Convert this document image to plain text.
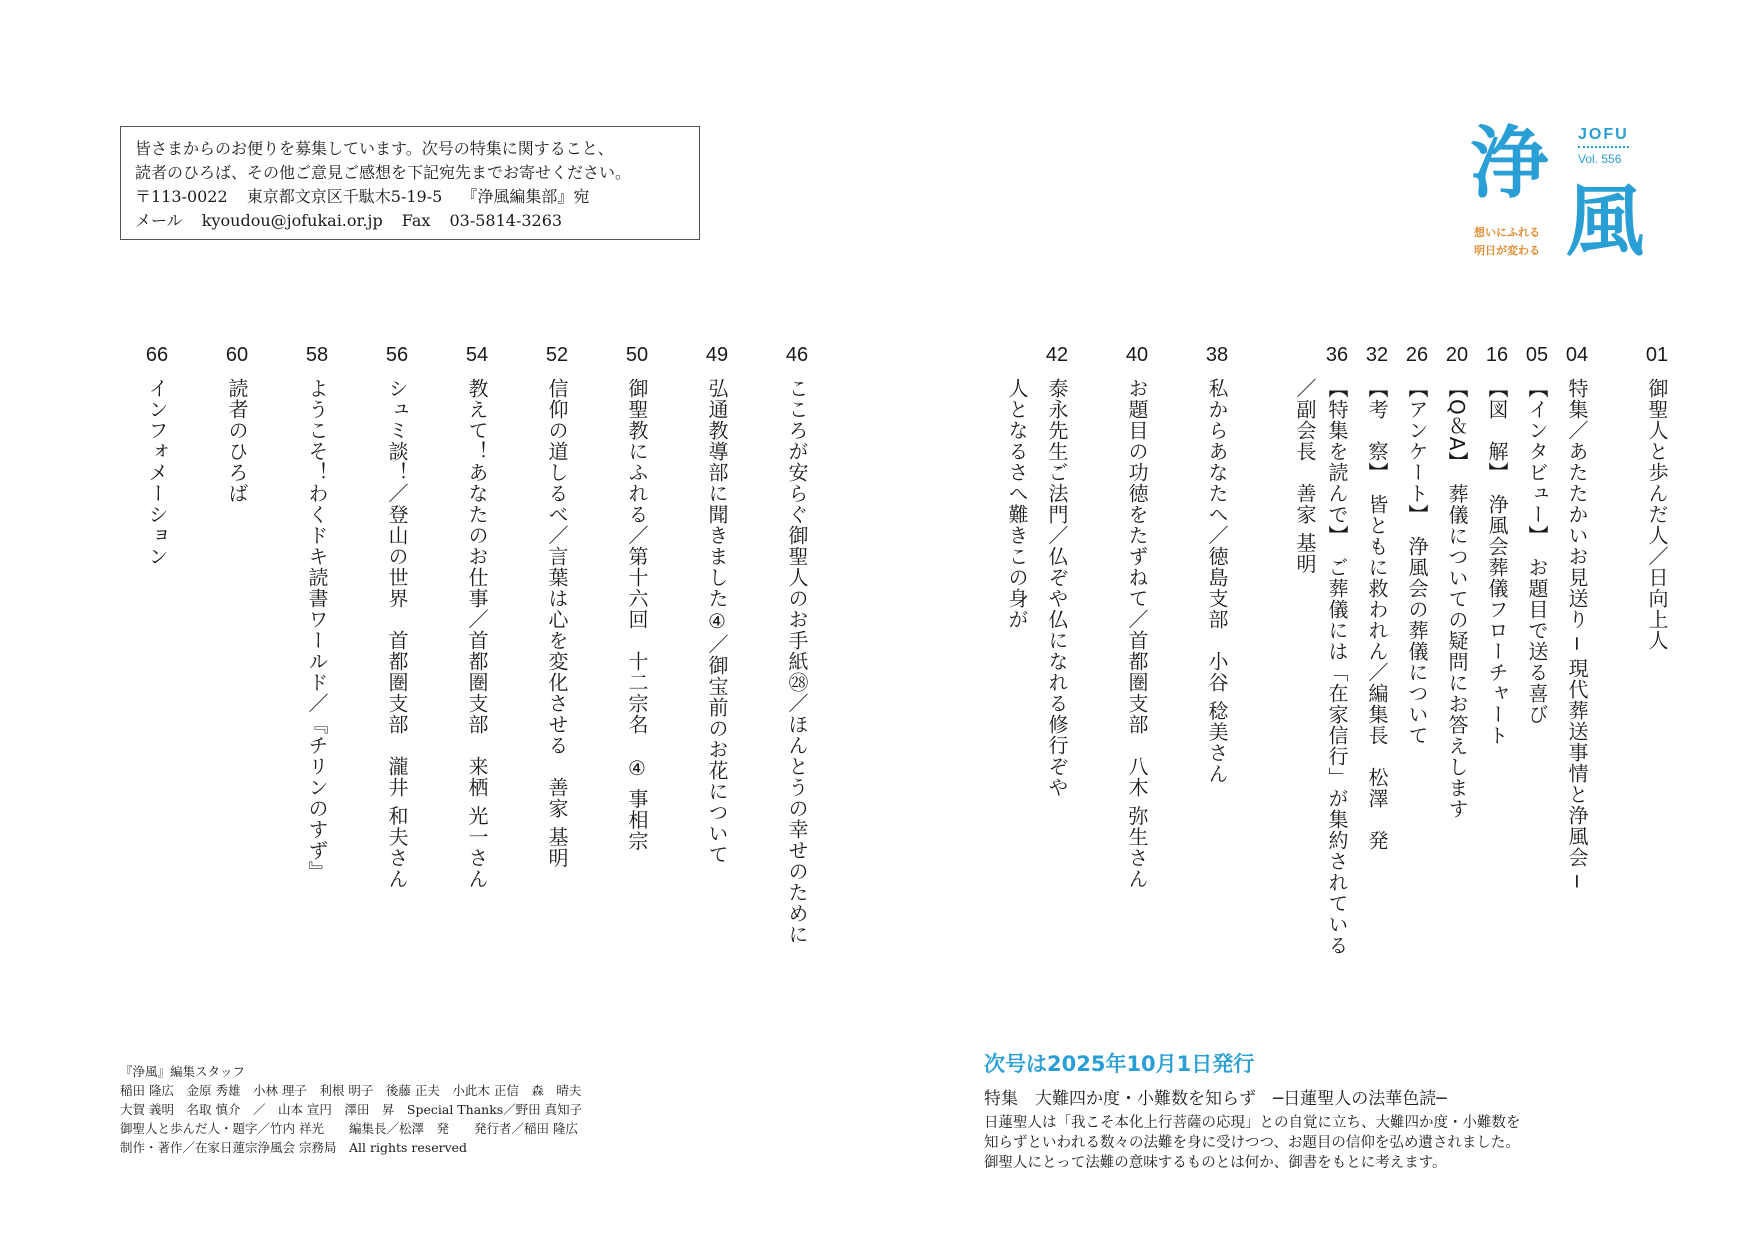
皆さまからのお便りを募集しています。次号の特集に関すること、
読者のひろば、その他ご意見ご感想を下記宛先までお寄せください。
〒113-0022 東京都文京区千駄木5-19-5 『浄風編集部』宛
メール kyoudou@jofukai.or.jp Fax 03-5814-3263
浄
風
JOFU
Vol. 556
想いにふれる
明日が変わる
01
御聖人と歩んだ人／日向上人
04
特集／あたたかいお見送り ─ 現代葬送事情と浄風会 ─
05
【インタビュー】　お題目で送る喜び
16
【図　解】　浄風会葬儀フローチャート
20
【Q＆A】　葬儀についての疑問にお答えします
26
【アンケート】　浄風会の葬儀について
32
【考　察】　皆ともに救われん／編集長　松澤　発
36
【特集を読んで】　ご葬儀には「在家信行」が集約されている
／副会長　善家 基明
38
私からあなたへ／徳島支部　小谷 稔美さん
40
お題目の功徳をたずねて／首都圏支部　八木 弥生さん
42
泰永先生ご法門／仏ぞや仏になれる修行ぞや
人となるさへ難きこの身が
46
こころが安らぐ御聖人のお手紙㉘／ほんとうの幸せのために
49
弘通教導部に聞きました④／御宝前のお花について
50
御聖教にふれる／第十六回　十二宗名　④ 事相宗
52
信仰の道しるべ／言葉は心を変化させる　善家 基明
54
教えて！あなたのお仕事／首都圏支部　来栖 光一さん
56
シュミ談！／登山の世界　首都圏支部　瀧井 和夫さん
58
ようこそ！わくドキ読書ワールド／『チリンのすず』
60
読者のひろば
66
インフォメーション
『浄風』編集スタッフ
稲田 隆広　金原 秀雄　小林 理子　利根 明子　後藤 正夫　小此木 正信　森　晴夫
大賀 義明　名取 慎介　／　山本 宣円　澤田　昇　Special Thanks／野田 真知子
御聖人と歩んだ人・題字／竹内 祥光　　編集長／松澤　発　　発行者／稲田 隆広
制作・著作／在家日蓮宗浄風会 宗務局　All rights reserved
次号は2025年10月1日発行
特集　大難四か度・小難数を知らず　─日蓮聖人の法華色読─
日蓮聖人は「我こそ本化上行菩薩の応現」との自覚に立ち、大難四か度・小難数を
知らずといわれる数々の法難を身に受けつつ、お題目の信仰を弘め遺されました。
御聖人にとって法難の意味するものとは何か、御書をもとに考えます。
